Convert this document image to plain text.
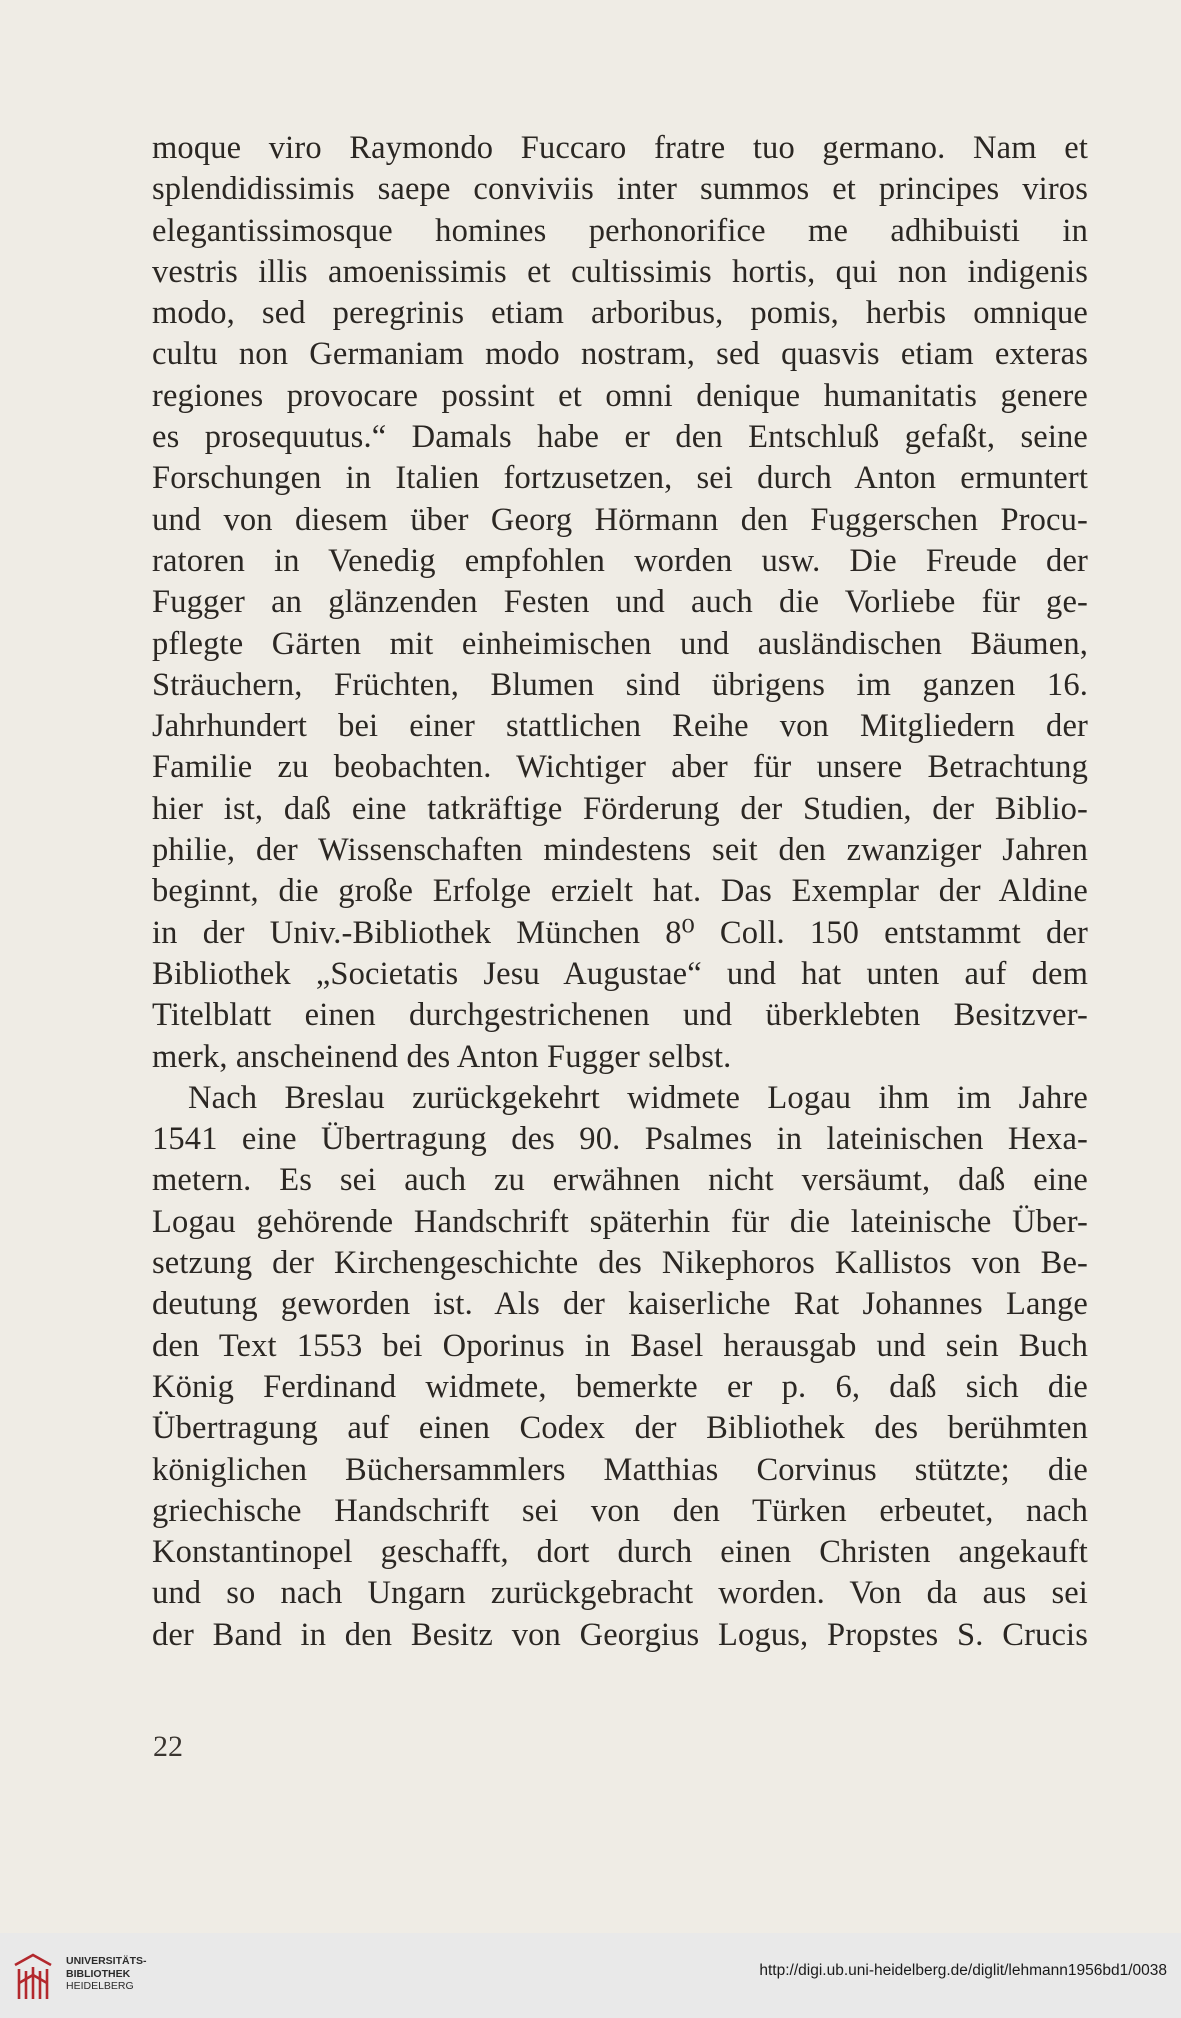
moque viro Raymondo Fuccaro fratre tuo germano. Nam et
splendidissimis saepe conviviis inter summos et principes viros
elegantissimosque homines perhonorifice me adhibuisti in
vestris illis amoenissimis et cultissimis hortis, qui non indigenis
modo, sed peregrinis etiam arboribus, pomis, herbis omnique
cultu non Germaniam modo nostram, sed quasvis etiam exteras
regiones provocare possint et omni denique humanitatis genere
es prosequutus.“ Damals habe er den Entschluß gefaßt, seine
Forschungen in Italien fortzusetzen, sei durch Anton ermuntert
und von diesem über Georg Hörmann den Fuggerschen Procu-
ratoren in Venedig empfohlen worden usw. Die Freude der
Fugger an glänzenden Festen und auch die Vorliebe für ge-
pflegte Gärten mit einheimischen und ausländischen Bäumen,
Sträuchern, Früchten, Blumen sind übrigens im ganzen 16.
Jahrhundert bei einer stattlichen Reihe von Mitgliedern der
Familie zu beobachten. Wichtiger aber für unsere Betrachtung
hier ist, daß eine tatkräftige Förderung der Studien, der Biblio-
philie, der Wissenschaften mindestens seit den zwanziger Jahren
beginnt, die große Erfolge erzielt hat. Das Exemplar der Aldine
in der Univ.-Bibliothek München 8⁰ Coll. 150 entstammt der
Bibliothek „Societatis Jesu Augustae“ und hat unten auf dem
Titelblatt einen durchgestrichenen und überklebten Besitzver-
merk, anscheinend des Anton Fugger selbst.
Nach Breslau zurückgekehrt widmete Logau ihm im Jahre
1541 eine Übertragung des 90. Psalmes in lateinischen Hexa-
metern. Es sei auch zu erwähnen nicht versäumt, daß eine
Logau gehörende Handschrift späterhin für die lateinische Über-
setzung der Kirchengeschichte des Nikephoros Kallistos von Be-
deutung geworden ist. Als der kaiserliche Rat Johannes Lange
den Text 1553 bei Oporinus in Basel herausgab und sein Buch
König Ferdinand widmete, bemerkte er p. 6, daß sich die
Übertragung auf einen Codex der Bibliothek des berühmten
königlichen Büchersammlers Matthias Corvinus stützte; die
griechische Handschrift sei von den Türken erbeutet, nach
Konstantinopel geschafft, dort durch einen Christen angekauft
und so nach Ungarn zurückgebracht worden. Von da aus sei
der Band in den Besitz von Georgius Logus, Propstes S. Crucis
22
UNIVERSITÄTS-
BIBLIOTHEK
HEIDELBERG
http://digi.ub.uni-heidelberg.de/diglit/lehmann1956bd1/0038
